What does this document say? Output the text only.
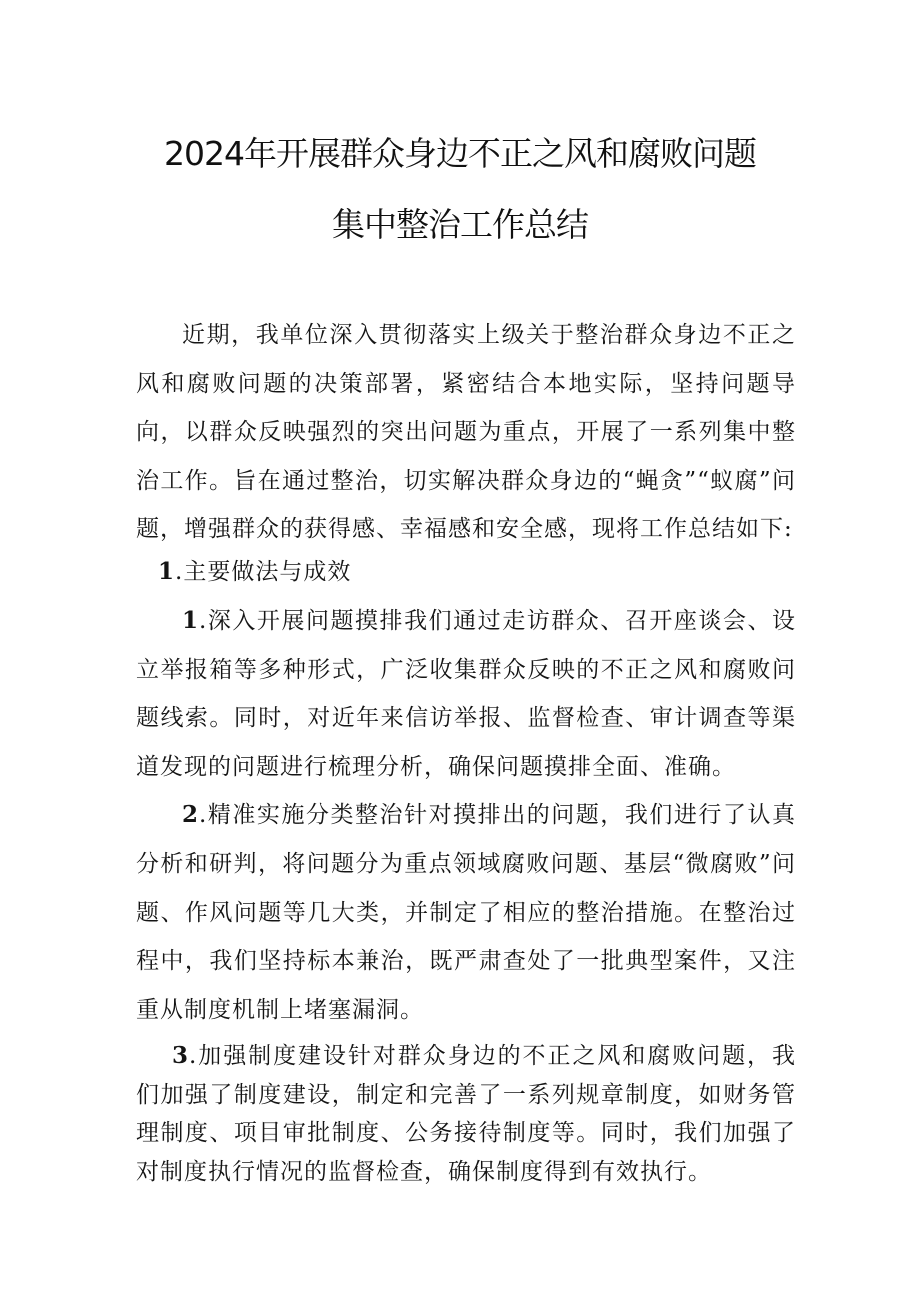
2024年开展群众身边不正之风和腐败问题
集中整治工作总结

近期，我单位深入贯彻落实上级关于整治群众身边不正之风和腐败问题的决策部署，紧密结合本地实际，坚持问题导向，以群众反映强烈的突出问题为重点，开展了一系列集中整治工作。旨在通过整治，切实解决群众身边的“蝇贪”“蚁腐”问题，增强群众的获得感、幸福感和安全感，现将工作总结如下:

1.主要做法与成效

1.深入开展问题摸排我们通过走访群众、召开座谈会、设立举报箱等多种形式，广泛收集群众反映的不正之风和腐败问题线索。同时，对近年来信访举报、监督检查、审计调查等渠道发现的问题进行梳理分析，确保问题摸排全面、准确。

2.精准实施分类整治针对摸排出的问题，我们进行了认真分析和研判，将问题分为重点领域腐败问题、基层“微腐败”问题、作风问题等几大类，并制定了相应的整治措施。在整治过程中，我们坚持标本兼治，既严肃查处了一批典型案件，又注重从制度机制上堵塞漏洞。

3.加强制度建设针对群众身边的不正之风和腐败问题，我们加强了制度建设，制定和完善了一系列规章制度，如财务管理制度、项目审批制度、公务接待制度等。同时，我们加强了对制度执行情况的监督检查，确保制度得到有效执行。
